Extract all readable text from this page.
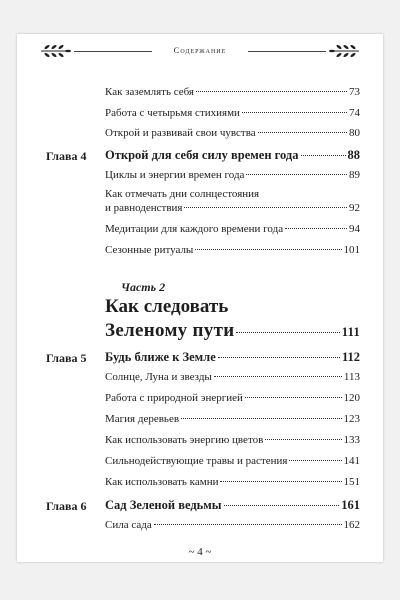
Содержание
Как заземлять себя	73
Работа с четырьмя стихиями	74
Открой и развивай свои чувства	80
Глава 4 Открой для себя силу времен года	88
Циклы и энергии времен года	89
Как отмечать дни солнцестояния
и равноденствия	92
Медитации для каждого времени года	94
Сезонные ритуалы	101
Часть 2
Как следовать
Зеленому пути	111
Глава 5 Будь ближе к Земле	112
Солнце, Луна и звезды	113
Работа с природной энергией	120
Магия деревьев	123
Как использовать энергию цветов	133
Сильнодействующие травы и растения	141
Как использовать камни	151
Глава 6 Сад Зеленой ведьмы	161
Сила сада	162
~ 4 ~
